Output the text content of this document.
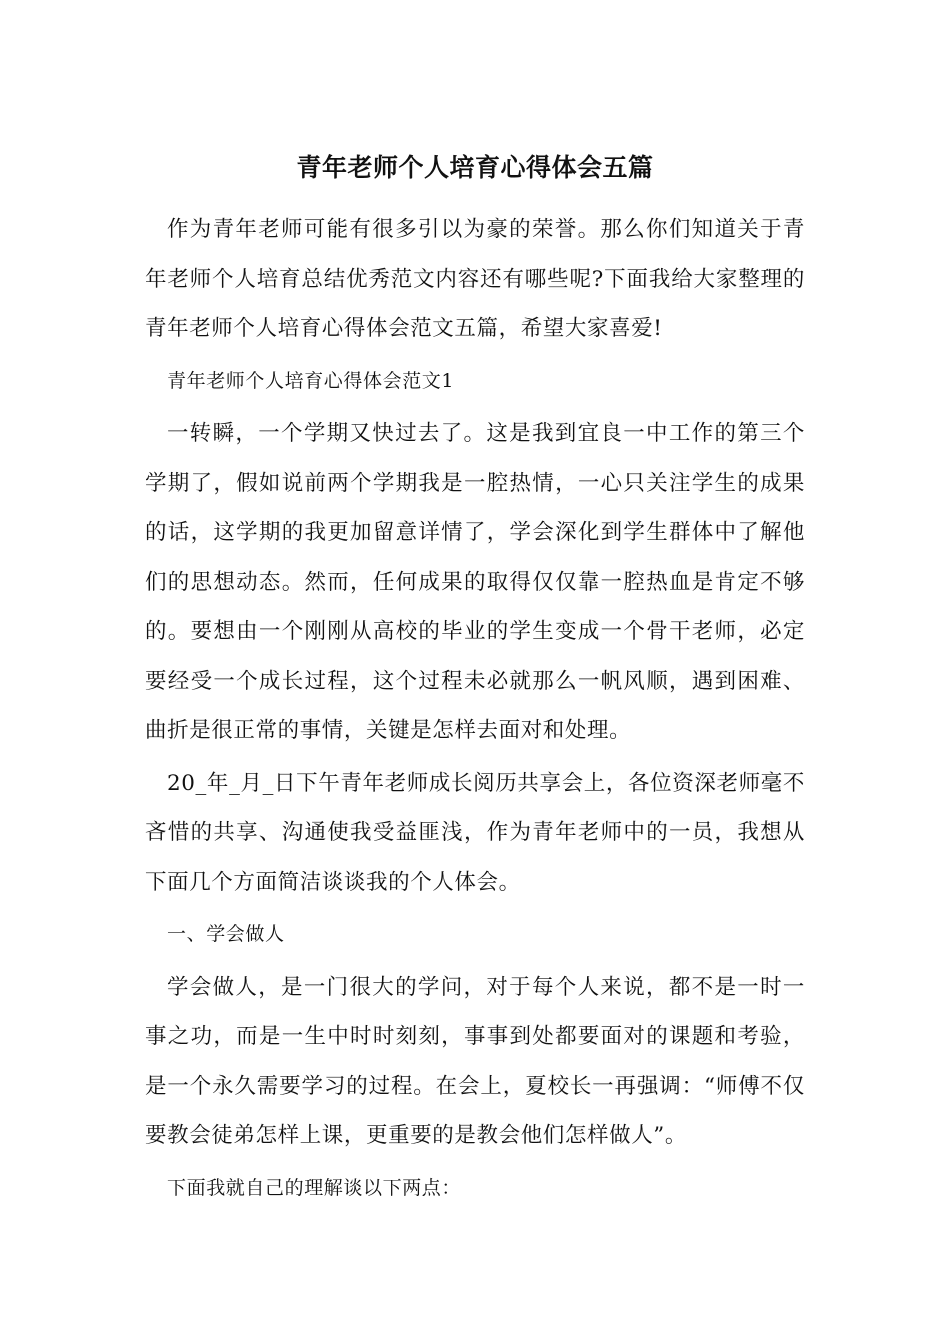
青年老师个人培育心得体会五篇

作为青年老师可能有很多引以为豪的荣誉。那么你们知道关于青年老师个人培育总结优秀范文内容还有哪些呢?下面我给大家整理的青年老师个人培育心得体会范文五篇，希望大家喜爱!

青年老师个人培育心得体会范文1

一转瞬，一个学期又快过去了。这是我到宜良一中工作的第三个学期了，假如说前两个学期我是一腔热情，一心只关注学生的成果的话，这学期的我更加留意详情了，学会深化到学生群体中了解他们的思想动态。然而，任何成果的取得仅仅靠一腔热血是肯定不够的。要想由一个刚刚从高校的毕业的学生变成一个骨干老师，必定要经受一个成长过程，这个过程未必就那么一帆风顺，遇到困难、曲折是很正常的事情，关键是怎样去面对和处理。

20_年_月_日下午青年老师成长阅历共享会上，各位资深老师毫不吝惜的共享、沟通使我受益匪浅，作为青年老师中的一员，我想从下面几个方面简洁谈谈我的个人体会。

一、学会做人

学会做人，是一门很大的学问，对于每个人来说，都不是一时一事之功，而是一生中时时刻刻，事事到处都要面对的课题和考验，是一个永久需要学习的过程。在会上，夏校长一再强调：“师傅不仅要教会徒弟怎样上课，更重要的是教会他们怎样做人”。

下面我就自己的理解谈以下两点：
